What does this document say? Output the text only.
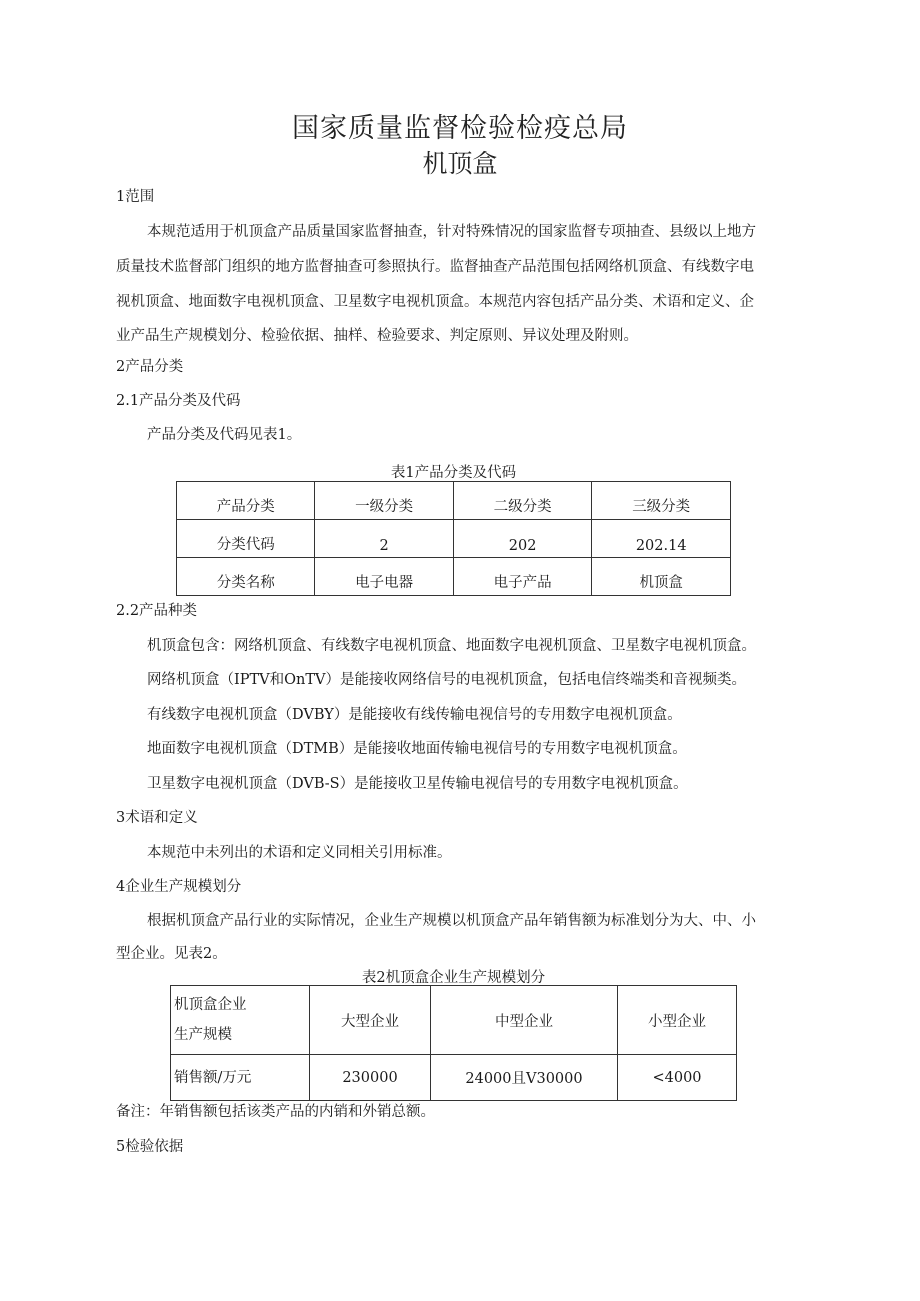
国家质量监督检验检疫总局
机顶盒
1范围
本规范适用于机顶盒产品质量国家监督抽查，针对特殊情况的国家监督专项抽查、县级以上地方
质量技术监督部门组织的地方监督抽查可参照执行。监督抽查产品范围包括网络机顶盒、有线数字电
视机顶盒、地面数字电视机顶盒、卫星数字电视机顶盒。本规范内容包括产品分类、术语和定义、企
业产品生产规模划分、检验依据、抽样、检验要求、判定原则、异议处理及附则。
2产品分类
2.1产品分类及代码
产品分类及代码见表1。
表1产品分类及代码
产品分类	一级分类	二级分类	三级分类
分类代码	2	202	202.14
分类名称	电子电器	电子产品	机顶盒
2.2产品种类
机顶盒包含：网络机顶盒、有线数字电视机顶盒、地面数字电视机顶盒、卫星数字电视机顶盒。
网络机顶盒（IPTV和OnTV）是能接收网络信号的电视机顶盒，包括电信终端类和音视频类。
有线数字电视机顶盒（DVBY）是能接收有线传输电视信号的专用数字电视机顶盒。
地面数字电视机顶盒（DTMB）是能接收地面传输电视信号的专用数字电视机顶盒。
卫星数字电视机顶盒（DVB-S）是能接收卫星传输电视信号的专用数字电视机顶盒。
3术语和定义
本规范中未列出的术语和定义同相关引用标准。
4企业生产规模划分
根据机顶盒产品行业的实际情况，企业生产规模以机顶盒产品年销售额为标准划分为大、中、小
型企业。见表2。
表2机顶盒企业生产规模划分
机顶盒企业
生产规模	大型企业	中型企业	小型企业
销售额/万元	230000	24000且V30000	<4000
备注：年销售额包括该类产品的内销和外销总额。
5检验依据
